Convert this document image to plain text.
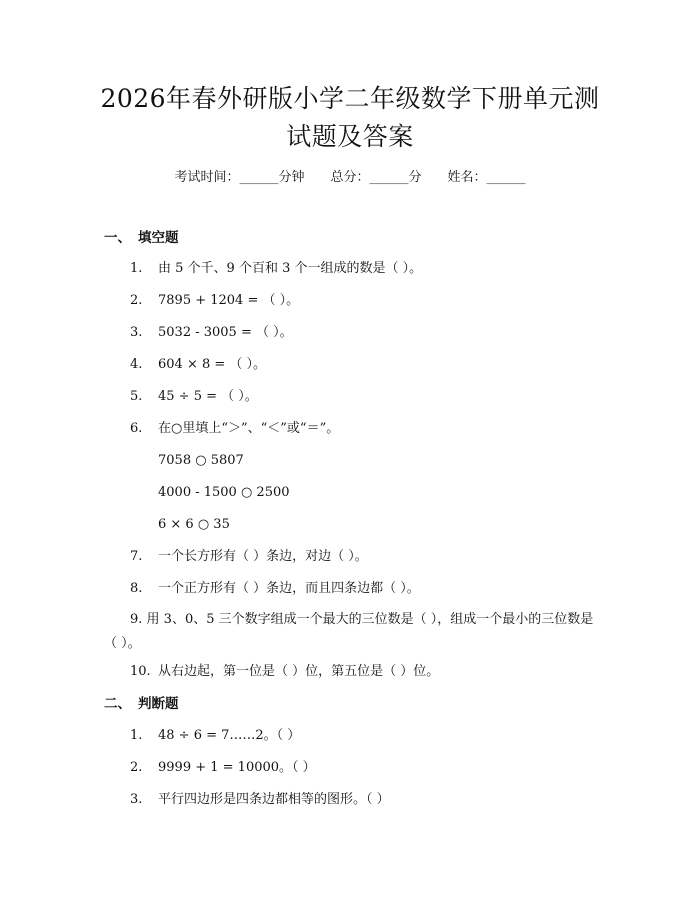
2026年春外研版小学二年级数学下册单元测
试题及答案
考试时间：______分钟 总分：______分 姓名：______
一、 填空题
1. 由 5 个千、9 个百和 3 个一组成的数是（ ）。
2. 7895 + 1204 = （ ）。
3. 5032 - 3005 = （ ）。
4. 604 × 8 = （ ）。
5. 45 ÷ 5 = （ ）。
6. 在○里填上“＞”、“＜”或“＝”。
7058 ○ 5807
4000 - 1500 ○ 2500
6 × 6 ○ 35
7. 一个长方形有（ ）条边，对边（ ）。
8. 一个正方形有（ ）条边，而且四条边都（ ）。
9. 用 3、0、5 三个数字组成一个最大的三位数是（ ），组成一个最小的三位数是（ ）。
10. 从右边起，第一位是（ ）位，第五位是（ ）位。
二、 判断题
1. 48 ÷ 6 = 7……2。（ ）
2. 9999 + 1 = 10000。（ ）
3. 平行四边形是四条边都相等的图形。（ ）
